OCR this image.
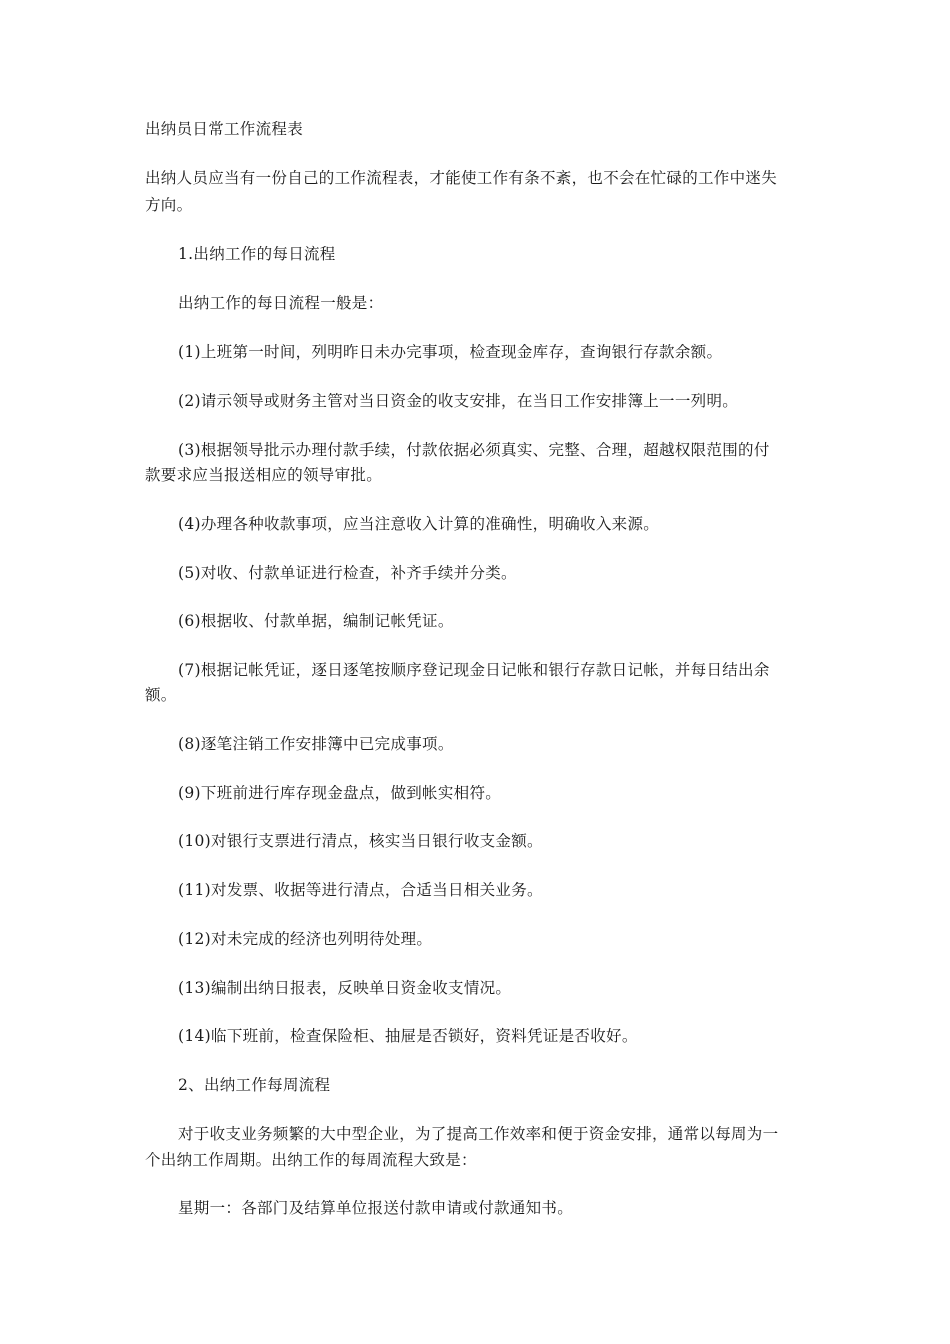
出纳员日常工作流程表
出纳人员应当有一份自己的工作流程表，才能使工作有条不紊，也不会在忙碌的工作中迷失
方向。
1.出纳工作的每日流程
出纳工作的每日流程一般是：
(1)上班第一时间，列明昨日未办完事项，检查现金库存，查询银行存款余额。
(2)请示领导或财务主管对当日资金的收支安排，在当日工作安排簿上一一列明。
(3)根据领导批示办理付款手续，付款依据必须真实、完整、合理，超越权限范围的付
款要求应当报送相应的领导审批。
(4)办理各种收款事项，应当注意收入计算的准确性，明确收入来源。
(5)对收、付款单证进行检查，补齐手续并分类。
(6)根据收、付款单据，编制记帐凭证。
(7)根据记帐凭证，逐日逐笔按顺序登记现金日记帐和银行存款日记帐，并每日结出余
额。
(8)逐笔注销工作安排簿中已完成事项。
(9)下班前进行库存现金盘点，做到帐实相符。
(10)对银行支票进行清点，核实当日银行收支金额。
(11)对发票、收据等进行清点，合适当日相关业务。
(12)对未完成的经济也列明待处理。
(13)编制出纳日报表，反映单日资金收支情况。
(14)临下班前，检查保险柜、抽屉是否锁好，资料凭证是否收好。
2、出纳工作每周流程
对于收支业务频繁的大中型企业，为了提高工作效率和便于资金安排，通常以每周为一
个出纳工作周期。出纳工作的每周流程大致是：
星期一：各部门及结算单位报送付款申请或付款通知书。
